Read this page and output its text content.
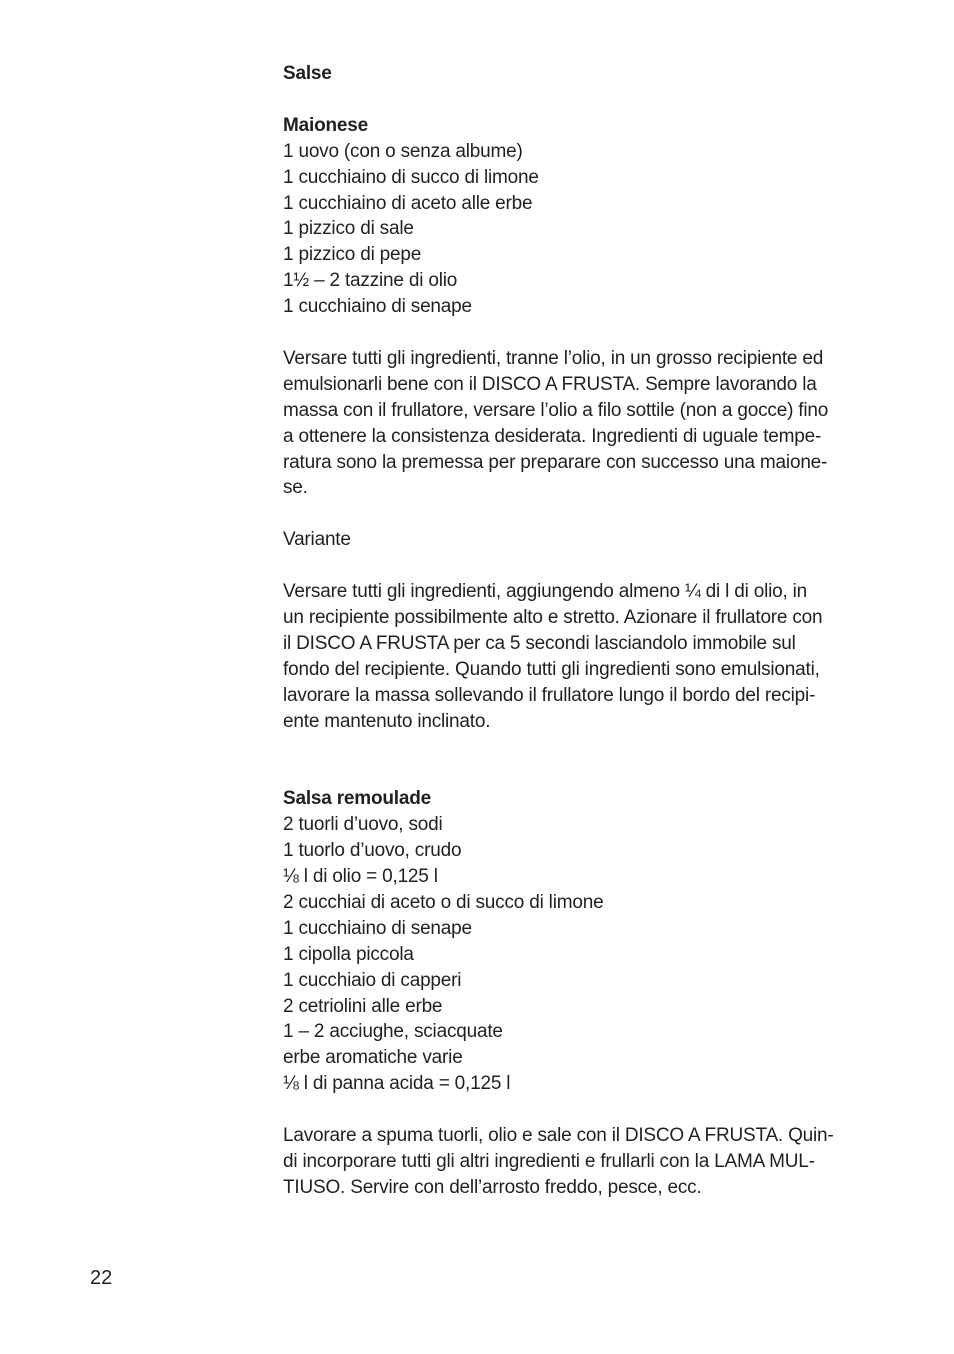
Salse

Maionese

1 uovo (con o senza albume)

1 cucchiaino di succo di limone

1 cucchiaino di aceto alle erbe

1 pizzico di sale

1 pizzico di pepe

1½ – 2 tazzine di olio

1 cucchiaino di senape

Versare tutti gli ingredienti, tranne l’olio, in un grosso recipiente ed

emulsionarli bene con il DISCO A FRUSTA. Sempre lavorando la

massa con il frullatore, versare l’olio a filo sottile (non a gocce) fino

a ottenere la consistenza desiderata. Ingredienti di uguale tempe-

ratura sono la premessa per preparare con successo una maione-

se.

Variante

Versare tutti gli ingredienti, aggiungendo almeno ¼ di l di olio, in

un recipiente possibilmente alto e stretto. Azionare il frullatore con

il DISCO A FRUSTA per ca 5 secondi lasciandolo immobile sul

fondo del recipiente. Quando tutti gli ingredienti sono emulsionati,

lavorare la massa sollevando il frullatore lungo il bordo del recipi-

ente mantenuto inclinato.

Salsa remoulade

2 tuorli d’uovo, sodi

1 tuorlo d’uovo, crudo

⅛ l di olio = 0,125 l

2 cucchiai di aceto o di succo di limone

1 cucchiaino di senape

1 cipolla piccola

1 cucchiaio di capperi

2 cetriolini alle erbe

1 – 2 acciughe, sciacquate

erbe aromatiche varie

⅛ l di panna acida = 0,125 l

Lavorare a spuma tuorli, olio e sale con il DISCO A FRUSTA. Quin-

di incorporare tutti gli altri ingredienti e frullarli con la LAMA MUL-

TIUSO. Servire con dell’arrosto freddo, pesce, ecc.

22
